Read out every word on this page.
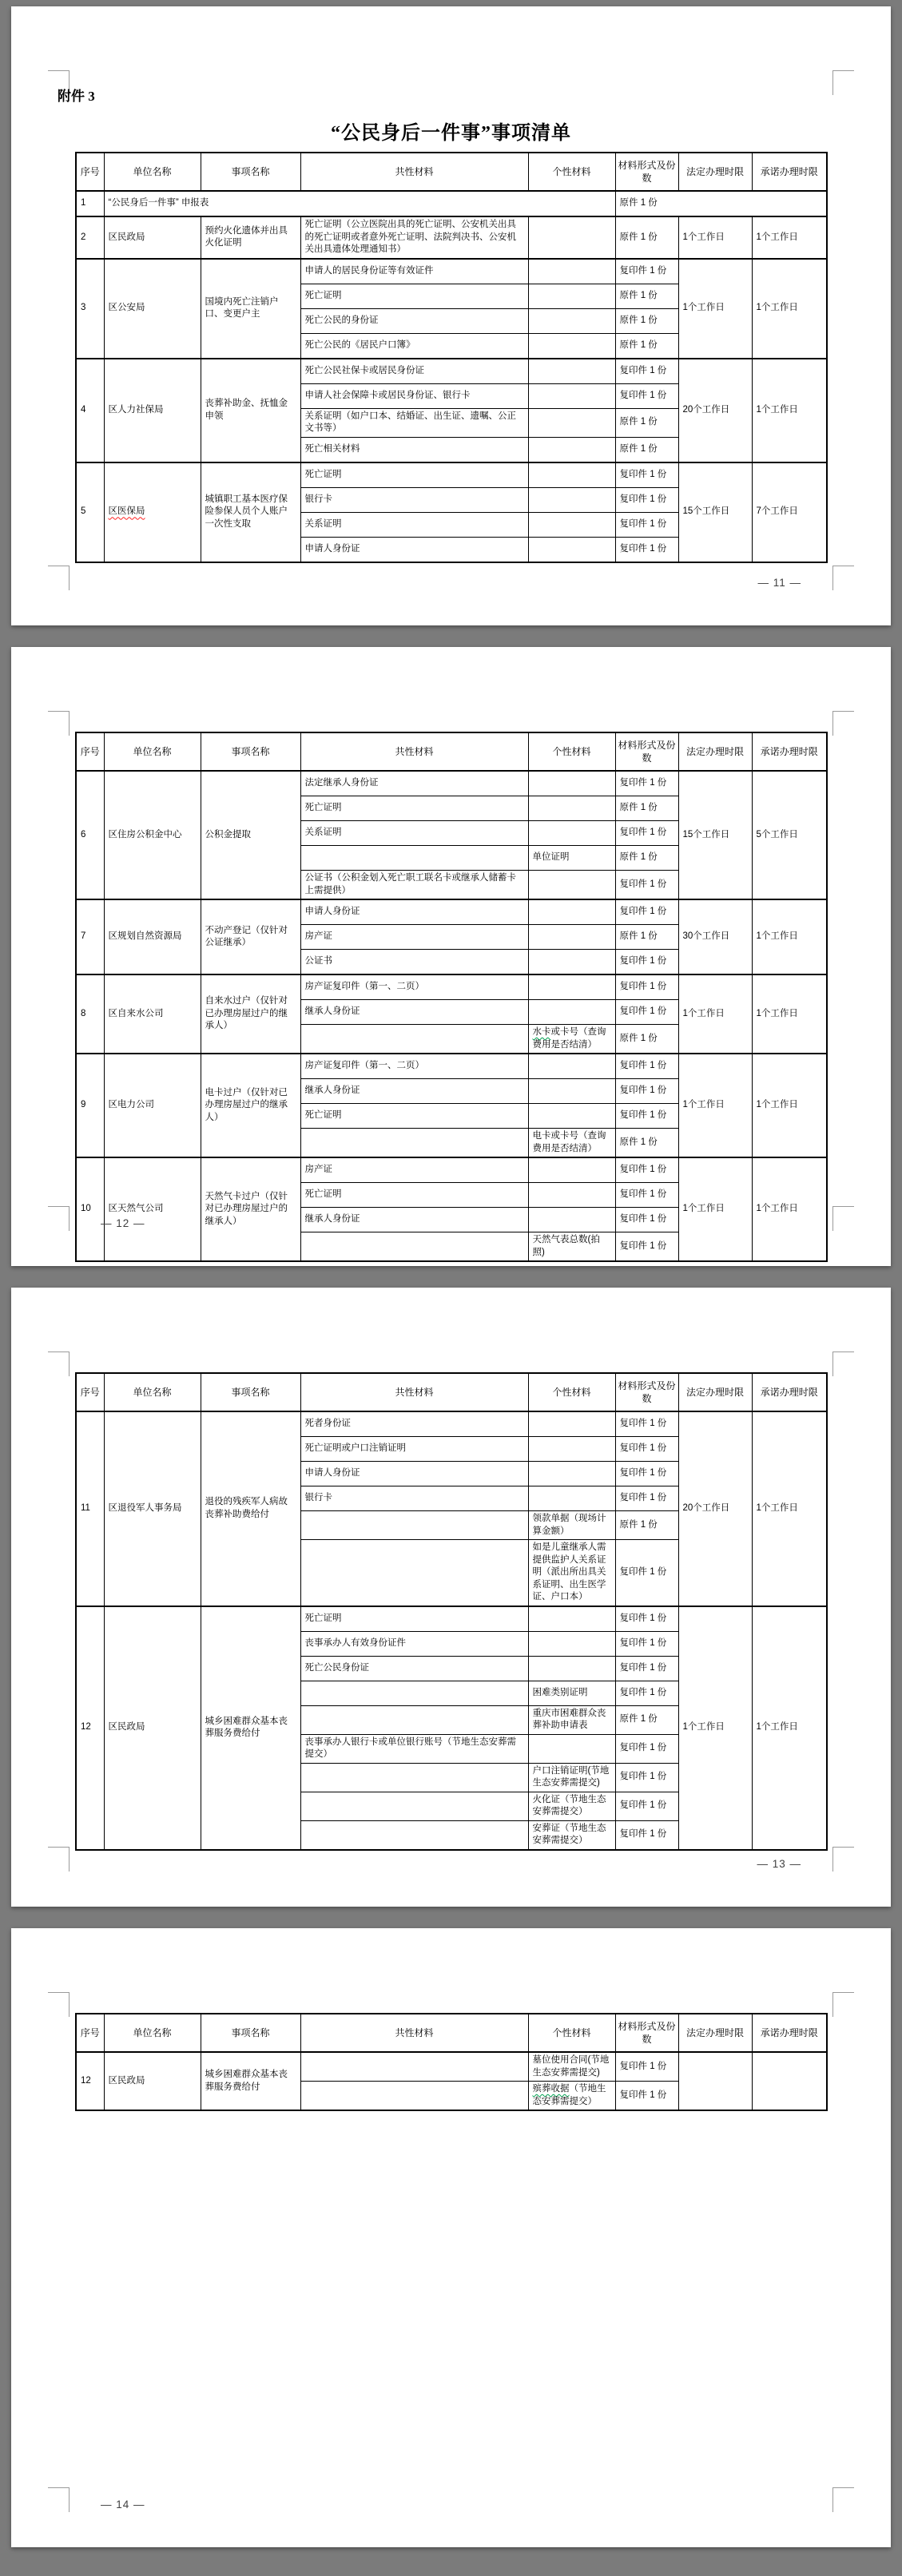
附件 3
“公民身后一件事”事项清单
序号	单位名称	事项名称	共性材料	个性材料	材料形式及份数	法定办理时限	承诺办理时限
1	“公民身后一件事” 申报表				原件 1 份		
2	区民政局	预约火化遗体并出具火化证明	死亡证明（公立医院出具的死亡证明、公安机关出具的死亡证明或者意外死亡证明、法院判决书、公安机关出具遗体处理通知书）		原件 1 份	1个工作日	1个工作日
3	区公安局	国境内死亡注销户口、变更户主	申请人的居民身份证等有效证件		复印件 1 份	1个工作日	1个工作日
			死亡证明		原件 1 份		
			死亡公民的身份证		原件 1 份		
			死亡公民的《居民户口簿》		原件 1 份		
4	区人力社保局	丧葬补助金、抚恤金申领	死亡公民社保卡或居民身份证		复印件 1 份	20个工作日	1个工作日
			申请人社会保障卡或居民身份证、银行卡		复印件 1 份		
			关系证明（如户口本、结婚证、出生证、遗嘱、公正文书等）		原件 1 份		
			死亡相关材料		原件 1 份		
5	区医保局	城镇职工基本医疗保险参保人员个人账户一次性支取	死亡证明		复印件 1 份	15个工作日	7个工作日
			银行卡		复印件 1 份		
			关系证明		复印件 1 份		
			申请人身份证		复印件 1 份		
— 11 —
序号	单位名称	事项名称	共性材料	个性材料	材料形式及份数	法定办理时限	承诺办理时限
6	区住房公积金中心	公积金提取	法定继承人身份证		复印件 1 份	15个工作日	5个工作日
			死亡证明		原件 1 份		
			关系证明		复印件 1 份		
				单位证明	原件 1 份		
			公证书（公积金划入死亡职工联名卡或继承人储蓄卡上需提供）		复印件 1 份		
7	区规划自然资源局	不动产登记（仅针对公证继承）	申请人身份证		复印件 1 份	30个工作日	1个工作日
			房产证		原件 1 份		
			公证书		复印件 1 份		
8	区自来水公司	自来水过户（仅针对已办理房屋过户的继承人）	房产证复印件（第一、二页）		复印件 1 份	1个工作日	1个工作日
			继承人身份证		复印件 1 份		
				水卡或卡号（查询费用是否结清）	原件 1 份		
9	区电力公司	电卡过户（仅针对已办理房屋过户的继承人）	房产证复印件（第一、二页）		复印件 1 份	1个工作日	1个工作日
			继承人身份证		复印件 1 份		
			死亡证明		复印件 1 份		
				电卡或卡号（查询费用是否结清）	原件 1 份		
10	区天然气公司	天然气卡过户（仅针对已办理房屋过户的继承人）	房产证		复印件 1 份	1个工作日	1个工作日
			死亡证明		复印件 1 份		
			继承人身份证		复印件 1 份		
				天然气表总数(拍照)	复印件 1 份		
— 12 —
序号	单位名称	事项名称	共性材料	个性材料	材料形式及份数	法定办理时限	承诺办理时限
11	区退役军人事务局	退役的残疾军人病故丧葬补助费给付	死者身份证		复印件 1 份	20个工作日	1个工作日
			死亡证明或户口注销证明		复印件 1 份		
			申请人身份证		复印件 1 份		
			银行卡		复印件 1 份		
				领款单据（现场计算金额）	原件 1 份		
				如是儿童继承人需提供监护人关系证明（派出所出具关系证明、出生医学证、户口本）	复印件 1 份		
12	区民政局	城乡困难群众基本丧葬服务费给付	死亡证明		复印件 1 份	1个工作日	1个工作日
			丧事承办人有效身份证件		复印件 1 份		
			死亡公民身份证		复印件 1 份		
				困难类别证明	复印件 1 份		
				重庆市困难群众丧葬补助申请表	原件 1 份		
			丧事承办人银行卡或单位银行账号（节地生态安葬需提交）		复印件 1 份		
				户口注销证明(节地生态安葬需提交)	复印件 1 份		
				火化证（节地生态安葬需提交）	复印件 1 份		
				安葬证（节地生态安葬需提交）	复印件 1 份		
— 13 —
序号	单位名称	事项名称	共性材料	个性材料	材料形式及份数	法定办理时限	承诺办理时限
12	区民政局	城乡困难群众基本丧葬服务费给付		墓位使用合同(节地生态安葬需提交)	复印件 1 份		
				殡葬收据（节地生态安葬需提交）	复印件 1 份		
— 14 —
